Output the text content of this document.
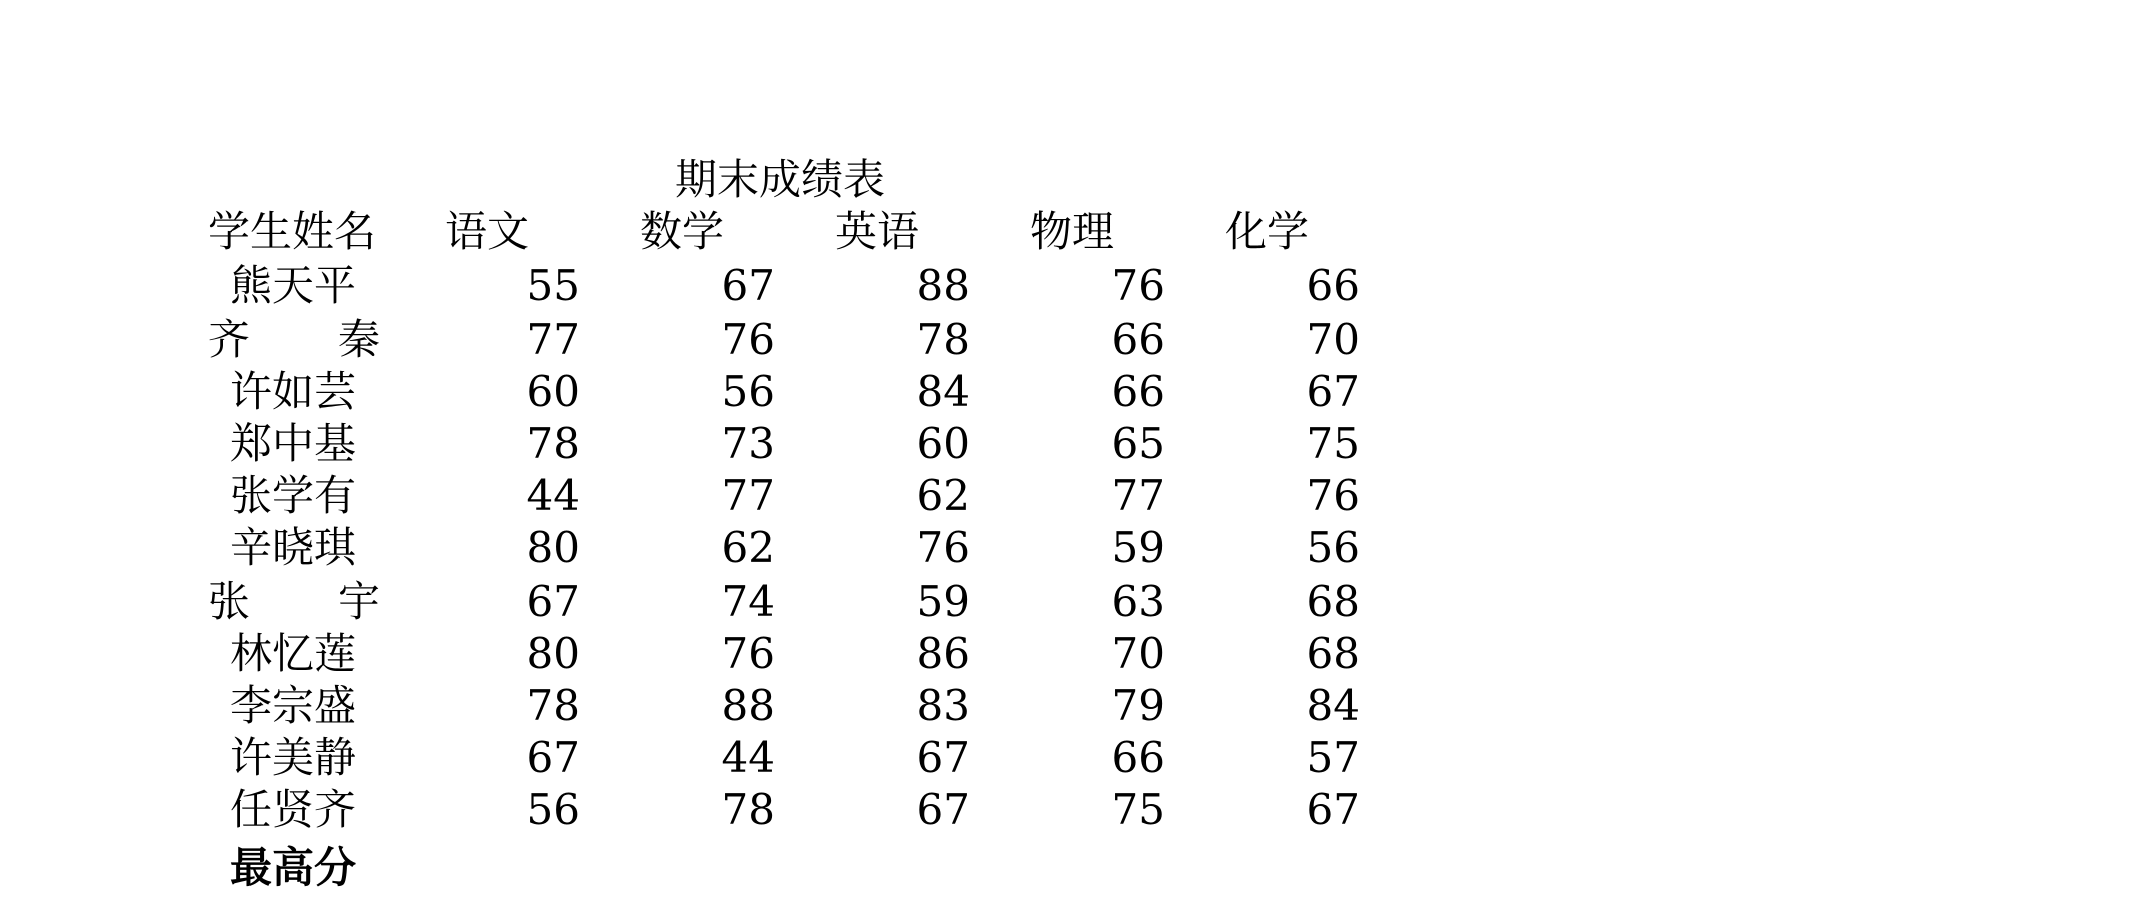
期末成绩表
学生姓名 语文	数学	英语	物理	化学
熊天平	55	67	88	76	66
齐 秦	77	76	78	66	70
许如芸	60	56	84	66	67
郑中基	78	73	60	65	75
张学有	44	77	62	77	76
辛晓琪	80	62	76	59	56
张 宇	67	74	59	63	68
林忆莲	80	76	86	70	68
李宗盛	78	88	83	79	84
许美静	67	44	67	66	57
任贤齐	56	78	67	75	67
最高分
